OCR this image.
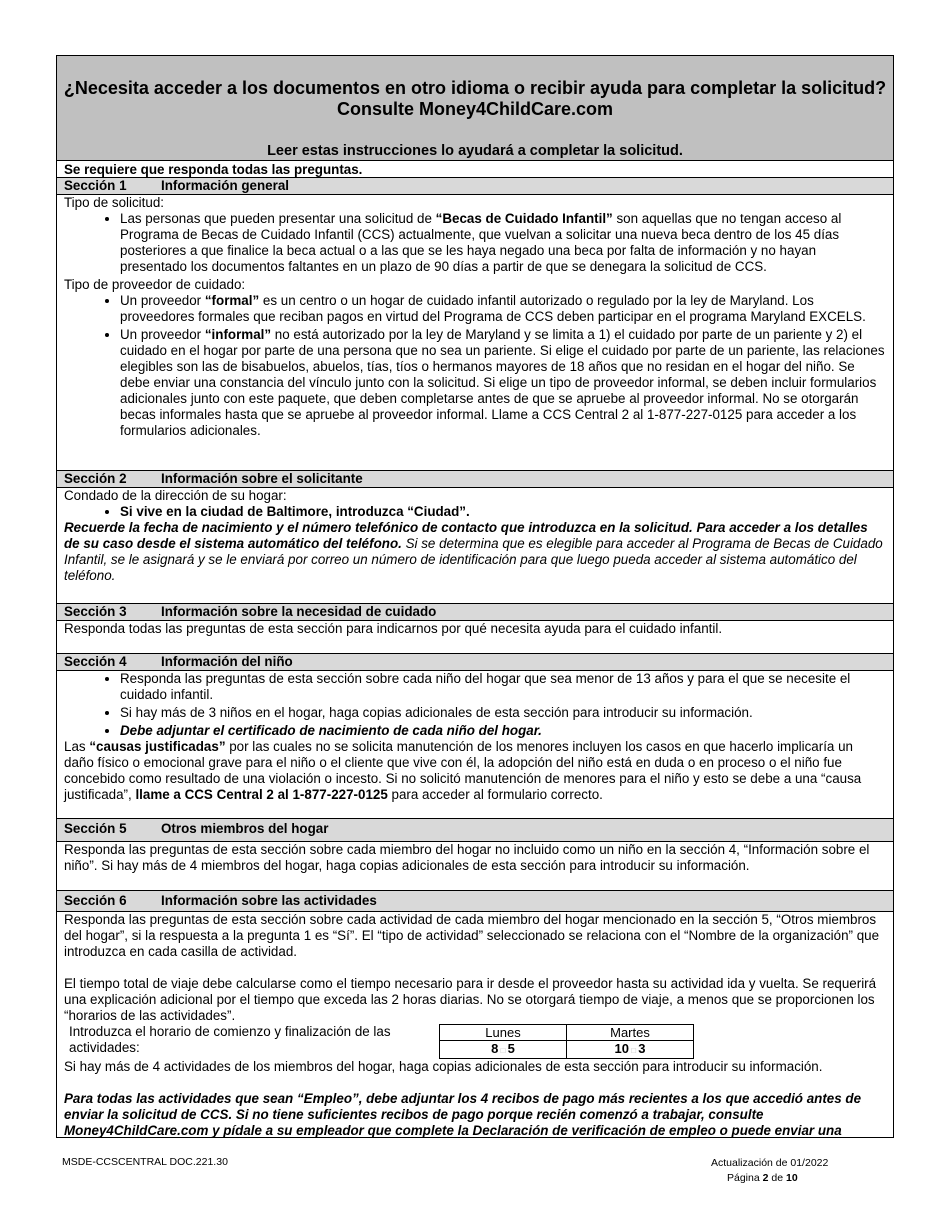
¿Necesita acceder a los documentos en otro idioma o recibir ayuda para completar la solicitud? Consulte Money4ChildCare.com
Leer estas instrucciones lo ayudará a completar la solicitud.
Se requiere que responda todas las preguntas.
Sección 1	Información general

Tipo de solicitud:

• Las personas que pueden presentar una solicitud de “Becas de Cuidado Infantil” son aquellas que no tengan acceso al Programa de Becas de Cuidado Infantil (CCS) actualmente, que vuelvan a solicitar una nueva beca dentro de los 45 días posteriores a que finalice la beca actual o a las que se les haya negado una beca por falta de información y no hayan presentado los documentos faltantes en un plazo de 90 días a partir de que se denegara la solicitud de CCS.

Tipo de proveedor de cuidado:

• Un proveedor “formal” es un centro o un hogar de cuidado infantil autorizado o regulado por la ley de Maryland. Los proveedores formales que reciban pagos en virtud del Programa de CCS deben participar en el programa Maryland EXCELS.
• Un proveedor “informal” no está autorizado por la ley de Maryland y se limita a 1) el cuidado por parte de un pariente y 2) el cuidado en el hogar por parte de una persona que no sea un pariente. Si elige el cuidado por parte de un pariente, las relaciones elegibles son las de bisabuelos, abuelos, tías, tíos o hermanos mayores de 18 años que no residan en el hogar del niño. Se debe enviar una constancia del vínculo junto con la solicitud. Si elige un tipo de proveedor informal, se deben incluir formularios adicionales junto con este paquete, que deben completarse antes de que se apruebe al proveedor informal. No se otorgarán becas informales hasta que se apruebe al proveedor informal. Llame a CCS Central 2 al 1-877-227-0125 para acceder a los formularios adicionales.
Sección 2	Información sobre el solicitante

Condado de la dirección de su hogar:

• Si vive en la ciudad de Baltimore, introduzca “Ciudad”.

Recuerde la fecha de nacimiento y el número telefónico de contacto que introduzca en la solicitud. Para acceder a los detalles de su caso desde el sistema automático del teléfono. Si se determina que es elegible para acceder al Programa de Becas de Cuidado Infantil, se le asignará y se le enviará por correo un número de identificación para que luego pueda acceder al sistema automático del teléfono.

Sección 3	Información sobre la necesidad de cuidado

Responda todas las preguntas de esta sección para indicarnos por qué necesita ayuda para el cuidado infantil.

Sección 4	Información del niño
• Responda las preguntas de esta sección sobre cada niño del hogar que sea menor de 13 años y para el que se necesite el cuidado infantil.
• Si hay más de 3 niños en el hogar, haga copias adicionales de esta sección para introducir su información.
• Debe adjuntar el certificado de nacimiento de cada niño del hogar.

Las “causas justificadas” por las cuales no se solicita manutención de los menores incluyen los casos en que hacerlo implicaría un daño físico o emocional grave para el niño o el cliente que vive con él, la adopción del niño está en duda o en proceso o el niño fue concebido como resultado de una violación o incesto. Si no solicitó manutención de menores para el niño y esto se debe a una “causa justificada”, llame a CCS Central 2 al 1-877-227-0125 para acceder al formulario correcto.

Sección 5	Otros miembros del hogar

Responda las preguntas de esta sección sobre cada miembro del hogar no incluido como un niño en la sección 4, “Información sobre el niño”. Si hay más de 4 miembros del hogar, haga copias adicionales de esta sección para introducir su información.

Sección 6	Información sobre las actividades

Responda las preguntas de esta sección sobre cada actividad de cada miembro del hogar mencionado en la sección 5, “Otros miembros del hogar”, si la respuesta a la pregunta 1 es “Sí”. El “tipo de actividad” seleccionado se relaciona con el “Nombre de la organización” que introduzca en cada casilla de actividad.

El tiempo total de viaje debe calcularse como el tiempo necesario para ir desde el proveedor hasta su actividad ida y vuelta. Se requerirá una explicación adicional por el tiempo que exceda las 2 horas diarias. No se otorgará tiempo de viaje, a menos que se proporcionen los “horarios de las actividades”.

Introduzca el horario de comienzo y finalización de las actividades:
Lunes	Martes
8 □ 5	10 □ 3

Si hay más de 4 actividades de los miembros del hogar, haga copias adicionales de esta sección para introducir su información.

Para todas las actividades que sean “Empleo”, debe adjuntar los 4 recibos de pago más recientes a los que accedió antes de enviar la solicitud de CCS. Si no tiene suficientes recibos de pago porque recién comenzó a trabajar, consulte Money4ChildCare.com y pídale a su empleador que complete la Declaración de verificación de empleo o puede enviar una

MSDE-CCSCENTRAL DOC.221.30	Actualización de 01/2022
Página 2 de 10
